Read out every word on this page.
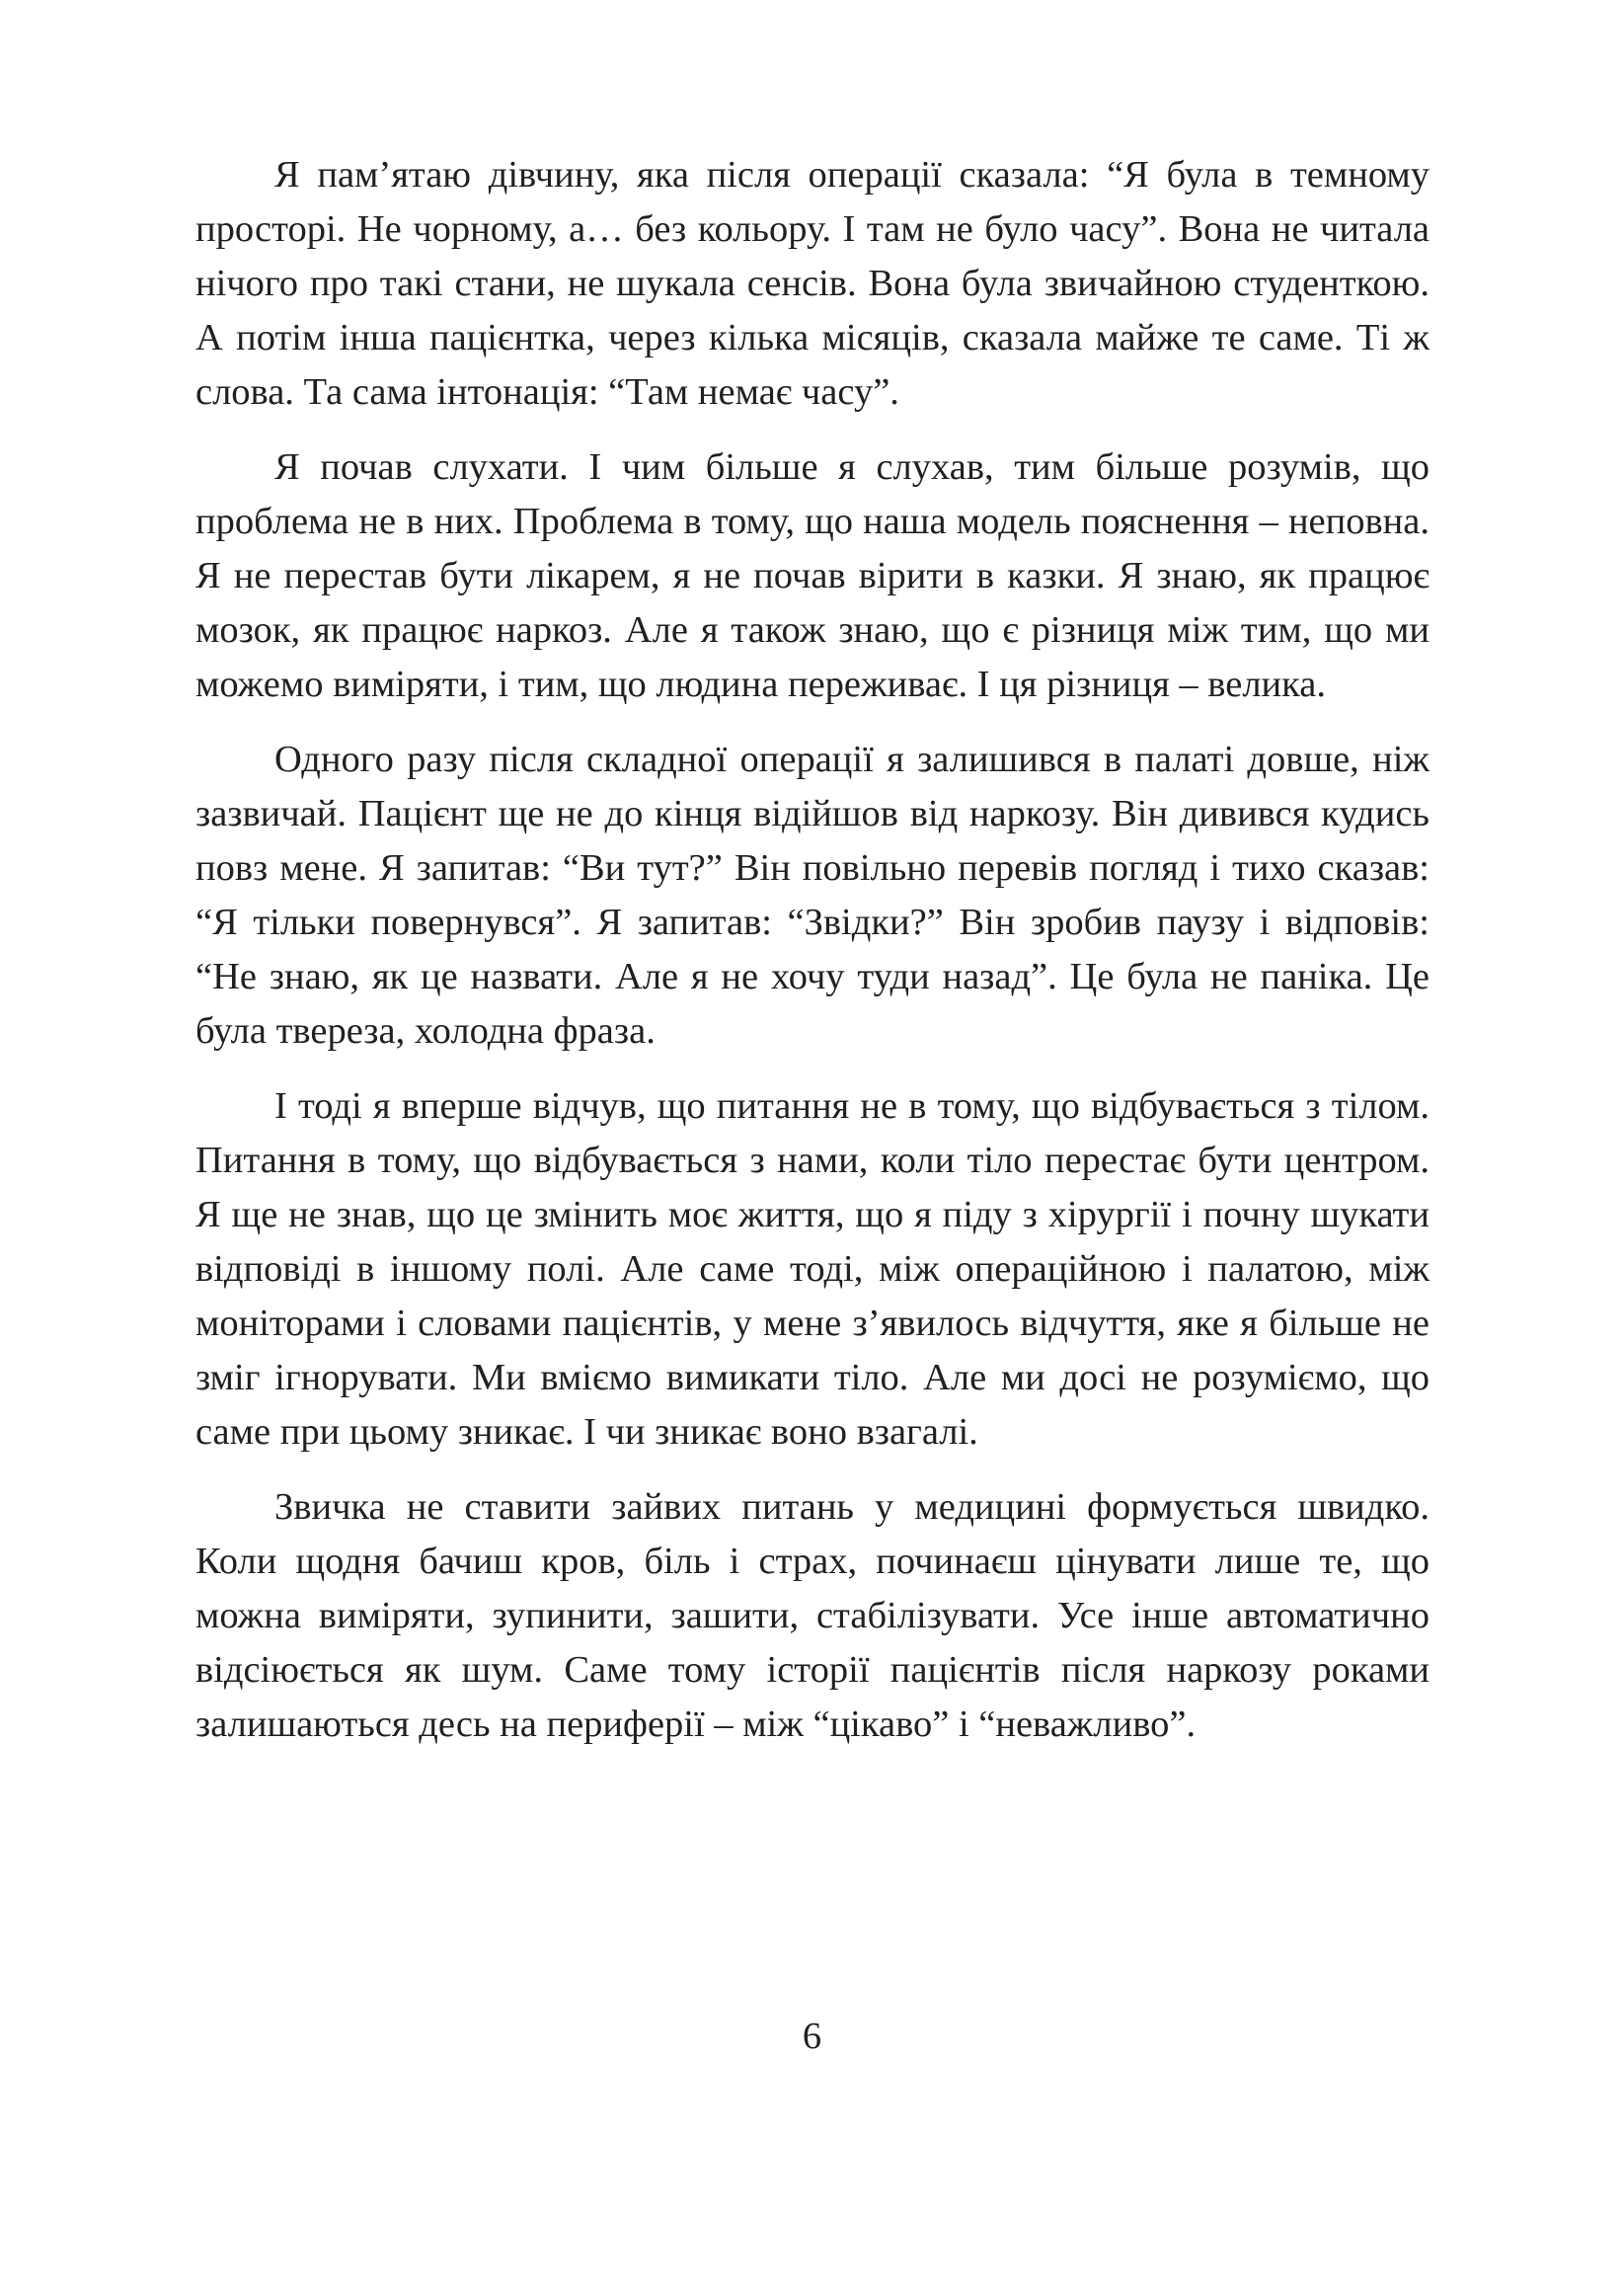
Я пам’ятаю дівчину, яка після операції сказала: “Я була в темному просторі. Не чорному, а… без кольору. І там не було часу”. Вона не читала нічого про такі стани, не шукала сенсів. Вона була звичайною студенткою. А потім інша пацієнтка, через кілька місяців, сказала майже те саме. Ті ж слова. Та сама інтонація: “Там немає часу”.

Я почав слухати. І чим більше я слухав, тим більше розумів, що проблема не в них. Проблема в тому, що наша модель пояснення – неповна. Я не перестав бути лікарем, я не почав вірити в казки. Я знаю, як працює мозок, як працює наркоз. Але я також знаю, що є різниця між тим, що ми можемо виміряти, і тим, що людина переживає. І ця різниця – велика.

Одного разу після складної операції я залишився в палаті довше, ніж зазвичай. Пацієнт ще не до кінця відійшов від наркозу. Він дивився кудись повз мене. Я запитав: “Ви тут?” Він повільно перевів погляд і тихо сказав: “Я тільки повернувся”. Я запитав: “Звідки?” Він зробив паузу і відповів: “Не знаю, як це назвати. Але я не хочу туди назад”. Це була не паніка. Це була твереза, холодна фраза.

І тоді я вперше відчув, що питання не в тому, що відбувається з тілом. Питання в тому, що відбувається з нами, коли тіло перестає бути центром. Я ще не знав, що це змінить моє життя, що я піду з хірургії і почну шукати відповіді в іншому полі. Але саме тоді, між операційною і палатою, між моніторами і словами пацієнтів, у мене з’явилось відчуття, яке я більше не зміг ігнорувати. Ми вміємо вимикати тіло. Але ми досі не розуміємо, що саме при цьому зникає. І чи зникає воно взагалі.

Звичка не ставити зайвих питань у медицині формується швидко. Коли щодня бачиш кров, біль і страх, починаєш цінувати лише те, що можна виміряти, зупинити, зашити, стабілізувати. Усе інше автоматично відсіюється як шум. Саме тому історії пацієнтів після наркозу роками залишаються десь на периферії – між “цікаво” і “неважливо”.

6
